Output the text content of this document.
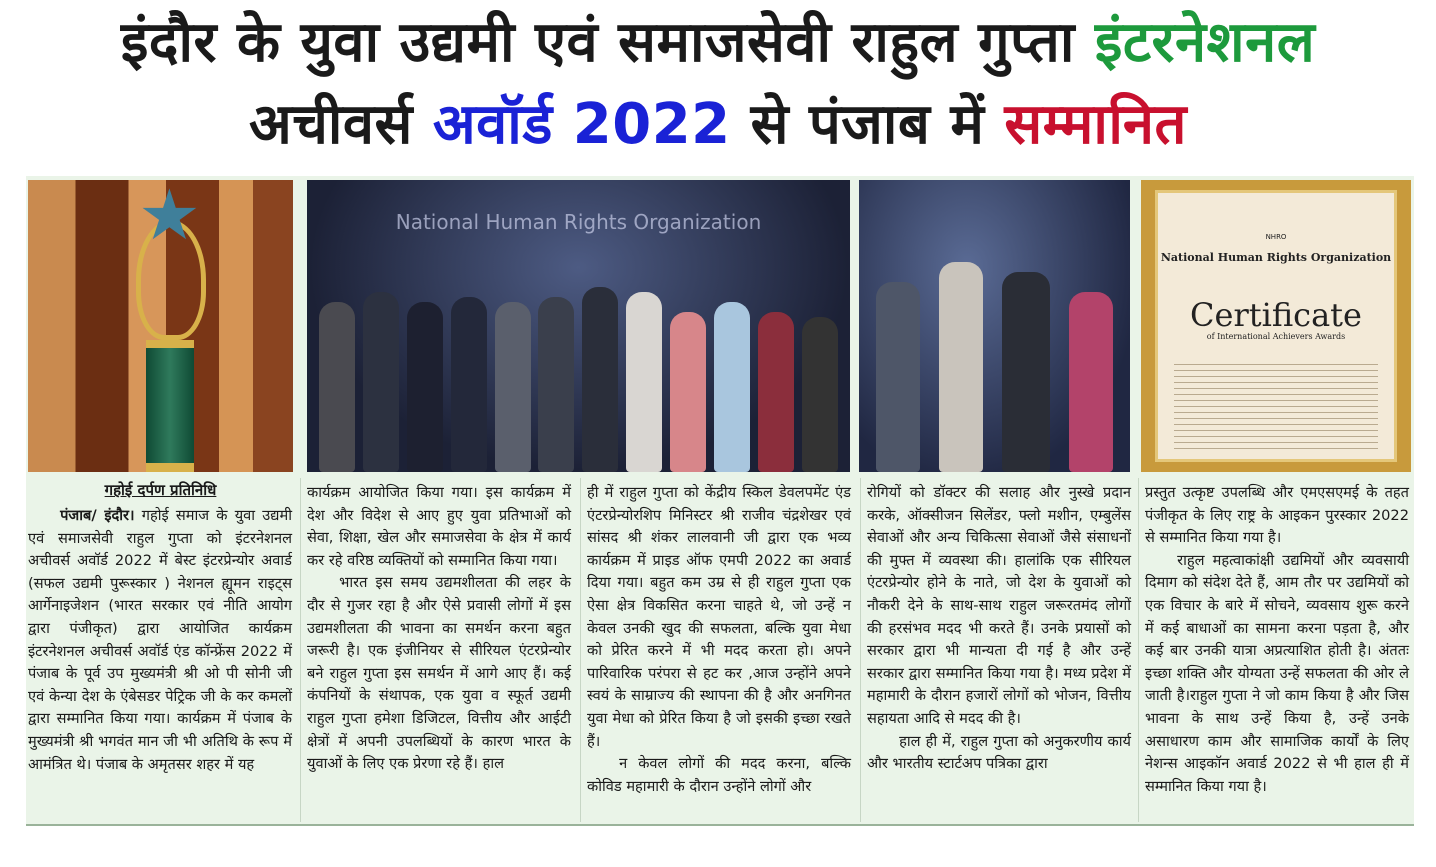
इंदौर के युवा उद्यमी एवं समाजसेवी राहुल गुप्ता इंटरनेशनल
अचीवर्स अवॉर्ड 2022 से पंजाब में सम्मानित
★	National Human Rights Organization
NHRO
National Human Rights Organization
Certificate
of International Achievers Awards
गहोई दर्पण प्रतिनिधि

पंजाब/ इंदौर। गहोई समाज के युवा उद्यमी एवं समाजसेवी राहुल गुप्ता को इंटरनेशनल अचीवर्स अवॉर्ड 2022 में बेस्ट इंटरप्रेन्योर अवार्ड (सफल उद्यमी पुरूस्कार ) नेशनल ह्यूमन राइट्स आर्गेनाइजेशन (भारत सरकार एवं नीति आयोग द्वारा पंजीकृत) द्वारा आयोजित कार्यक्रम इंटरनेशनल अचीवर्स अवॉर्ड एंड कॉन्फ्रेंस 2022 में पंजाब के पूर्व उप मुख्यमंत्री श्री ओ पी सोनी जी एवं केन्या देश के एंबेसडर पेट्रिक जी के कर कमलों द्वारा सम्मानित किया गया। कार्यक्रम में पंजाब के मुख्यमंत्री श्री भगवंत मान जी भी अतिथि के रूप में आमंत्रित थे। पंजाब के अमृतसर शहर में यह

कार्यक्रम आयोजित किया गया। इस कार्यक्रम में देश और विदेश से आए हुए युवा प्रतिभाओं को सेवा, शिक्षा, खेल और समाजसेवा के क्षेत्र में कार्य कर रहे वरिष्ठ व्यक्तियों को सम्मानित किया गया।

भारत इस समय उद्यमशीलता की लहर के दौर से गुजर रहा है और ऐसे प्रवासी लोगों में इस उद्यमशीलता की भावना का समर्थन करना बहुत जरूरी है। एक इंजीनियर से सीरियल एंटरप्रेन्योर बने राहुल गुप्ता इस समर्थन में आगे आए हैं। कई कंपनियों के संथापक, एक युवा व स्फूर्त उद्यमी राहुल गुप्ता हमेशा डिजिटल, वित्तीय और आईटी क्षेत्रों में अपनी उपलब्धियों के कारण भारत के युवाओं के लिए एक प्रेरणा रहे हैं। हाल

ही में राहुल गुप्ता को केंद्रीय स्किल डेवलपमेंट एंड एंटरप्रेन्योरशिप मिनिस्टर श्री राजीव चंद्रशेखर एवं सांसद श्री शंकर लालवानी जी द्वारा एक भव्य कार्यक्रम में प्राइड ऑफ एमपी 2022 का अवार्ड दिया गया। बहुत कम उम्र से ही राहुल गुप्ता एक ऐसा क्षेत्र विकसित करना चाहते थे, जो उन्हें न केवल उनकी खुद की सफलता, बल्कि युवा मेधा को प्रेरित करने में भी मदद करता हो। अपने पारिवारिक परंपरा से हट कर ,आज उन्होंने अपने स्वयं के साम्राज्य की स्थापना की है और अनगिनत युवा मेधा को प्रेरित किया है जो इसकी इच्छा रखते हैं।

न केवल लोगों की मदद करना, बल्कि कोविड महामारी के दौरान उन्होंने लोगों और

रोगियों को डॉक्टर की सलाह और नुस्खे प्रदान करके, ऑक्सीजन सिलेंडर, फ्लो मशीन, एम्बुलेंस सेवाओं और अन्य चिकित्सा सेवाओं जैसे संसाधनों की मुफ्त में व्यवस्था की। हालांकि एक सीरियल एंटरप्रेन्योर होने के नाते, जो देश के युवाओं को नौकरी देने के साथ-साथ राहुल जरूरतमंद लोगों की हरसंभव मदद भी करते हैं। उनके प्रयासों को सरकार द्वारा भी मान्यता दी गई है और उन्हें सरकार द्वारा सम्मानित किया गया है। मध्य प्रदेश में महामारी के दौरान हजारों लोगों को भोजन, वित्तीय सहायता आदि से मदद की है।

हाल ही में, राहुल गुप्ता को अनुकरणीय कार्य और भारतीय स्टार्टअप पत्रिका द्वारा

प्रस्तुत उत्कृष्ट उपलब्धि और एमएसएमई के तहत पंजीकृत के लिए राष्ट्र के आइकन पुरस्कार 2022 से सम्मानित किया गया है।

राहुल महत्वाकांक्षी उद्यमियों और व्यवसायी दिमाग को संदेश देते हैं, आम तौर पर उद्यमियों को एक विचार के बारे में सोचने, व्यवसाय शुरू करने में कई बाधाओं का सामना करना पड़ता है, और कई बार उनकी यात्रा अप्रत्याशित होती है। अंततः इच्छा शक्ति और योग्यता उन्हें सफलता की ओर ले जाती है।राहुल गुप्ता ने जो काम किया है और जिस भावना के साथ उन्हें किया है, उन्हें उनके असाधारण काम और सामाजिक कार्यों के लिए नेशन्स आइकॉन अवार्ड 2022 से भी हाल ही में सम्मानित किया गया है।
